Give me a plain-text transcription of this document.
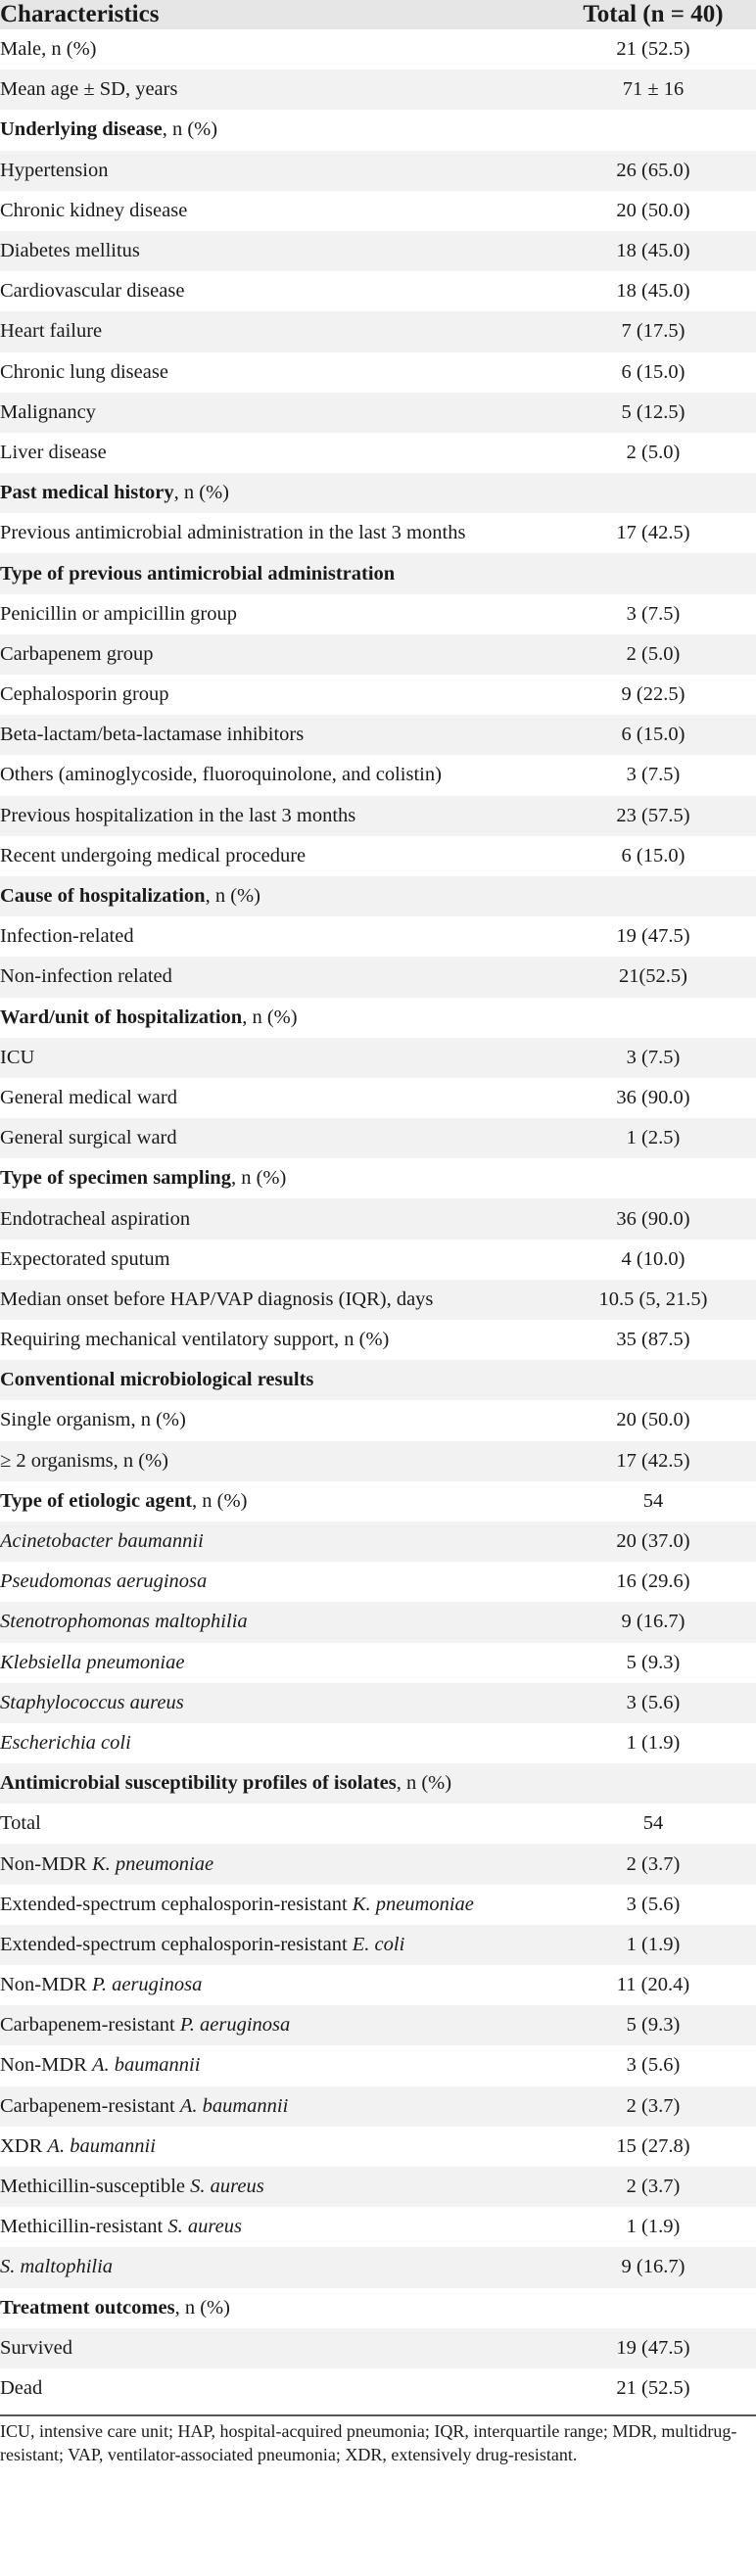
Characteristics	Total (n = 40)
Male, n (%)	21 (52.5)
Mean age ± SD, years	71 ± 16
Underlying disease, n (%)
Hypertension	26 (65.0)
Chronic kidney disease	20 (50.0)
Diabetes mellitus	18 (45.0)
Cardiovascular disease	18 (45.0)
Heart failure	7 (17.5)
Chronic lung disease	6 (15.0)
Malignancy	5 (12.5)
Liver disease	2 (5.0)
Past medical history, n (%)
Previous antimicrobial administration in the last 3 months	17 (42.5)
Type of previous antimicrobial administration
Penicillin or ampicillin group	3 (7.5)
Carbapenem group	2 (5.0)
Cephalosporin group	9 (22.5)
Beta-lactam/beta-lactamase inhibitors	6 (15.0)
Others (aminoglycoside, fluoroquinolone, and colistin)	3 (7.5)
Previous hospitalization in the last 3 months	23 (57.5)
Recent undergoing medical procedure	6 (15.0)
Cause of hospitalization, n (%)
Infection-related	19 (47.5)
Non-infection related	21(52.5)
Ward/unit of hospitalization, n (%)
ICU	3 (7.5)
General medical ward	36 (90.0)
General surgical ward	1 (2.5)
Type of specimen sampling, n (%)
Endotracheal aspiration	36 (90.0)
Expectorated sputum	4 (10.0)
Median onset before HAP/VAP diagnosis (IQR), days	10.5 (5, 21.5)
Requiring mechanical ventilatory support, n (%)	35 (87.5)
Conventional microbiological results
Single organism, n (%)	20 (50.0)
≥ 2 organisms, n (%)	17 (42.5)
Type of etiologic agent, n (%)	54
Acinetobacter baumannii	20 (37.0)
Pseudomonas aeruginosa	16 (29.6)
Stenotrophomonas maltophilia	9 (16.7)
Klebsiella pneumoniae	5 (9.3)
Staphylococcus aureus	3 (5.6)
Escherichia coli	1 (1.9)
Antimicrobial susceptibility profiles of isolates, n (%)
Total	54
Non-MDR K. pneumoniae	2 (3.7)
Extended-spectrum cephalosporin-resistant K. pneumoniae	3 (5.6)
Extended-spectrum cephalosporin-resistant E. coli	1 (1.9)
Non-MDR P. aeruginosa	11 (20.4)
Carbapenem-resistant P. aeruginosa	5 (9.3)
Non-MDR A. baumannii	3 (5.6)
Carbapenem-resistant A. baumannii	2 (3.7)
XDR A. baumannii	15 (27.8)
Methicillin-susceptible S. aureus	2 (3.7)
Methicillin-resistant S. aureus	1 (1.9)
S. maltophilia	9 (16.7)
Treatment outcomes, n (%)
Survived	19 (47.5)
Dead	21 (52.5)
ICU, intensive care unit; HAP, hospital-acquired pneumonia; IQR, interquartile range; MDR, multidrug-resistant; VAP, ventilator-associated pneumonia; XDR, extensively drug-resistant.
